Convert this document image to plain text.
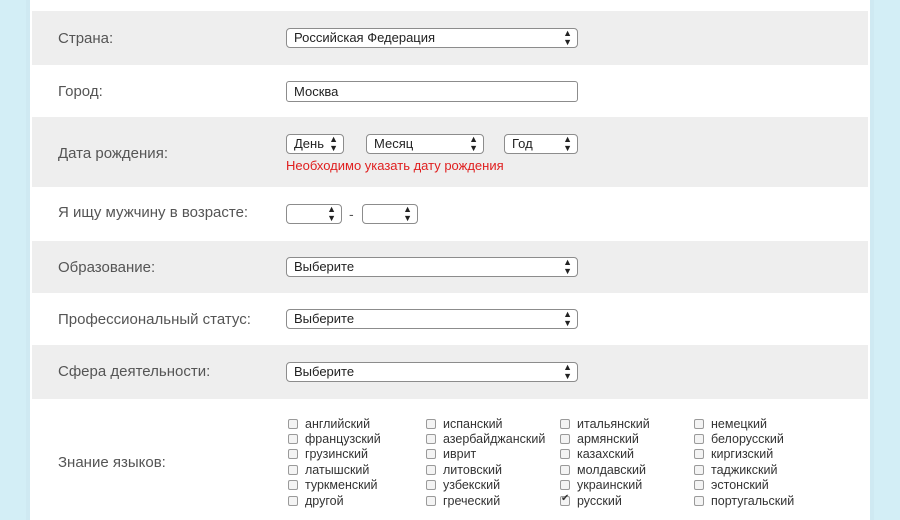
Страна:	Российская Федерация	▲
▼
Город:	Москва
Дата рождения:
День ▲
▼	Месяц	▲
▼	Год	▲
▼
Необходимо указать дату рождения
Я ищу мужчину в возрасте:	▲
▼ -	▲
▼
Образование:	Выберите	▲
▼
Профессиональный статус:	Выберите	▲
▼
Сфера деятельности:	Выберите	▲
▼
Знание языков:
английский	испанский	итальянский	немецкий
французский	азербайджанский	армянский	белорусский
грузинский	иврит	казахский	киргизский
латышский	литовский	молдавский	таджикский
туркменский	узбекский	украинский	эстонский
другой	греческий
✔	русский	португальский
